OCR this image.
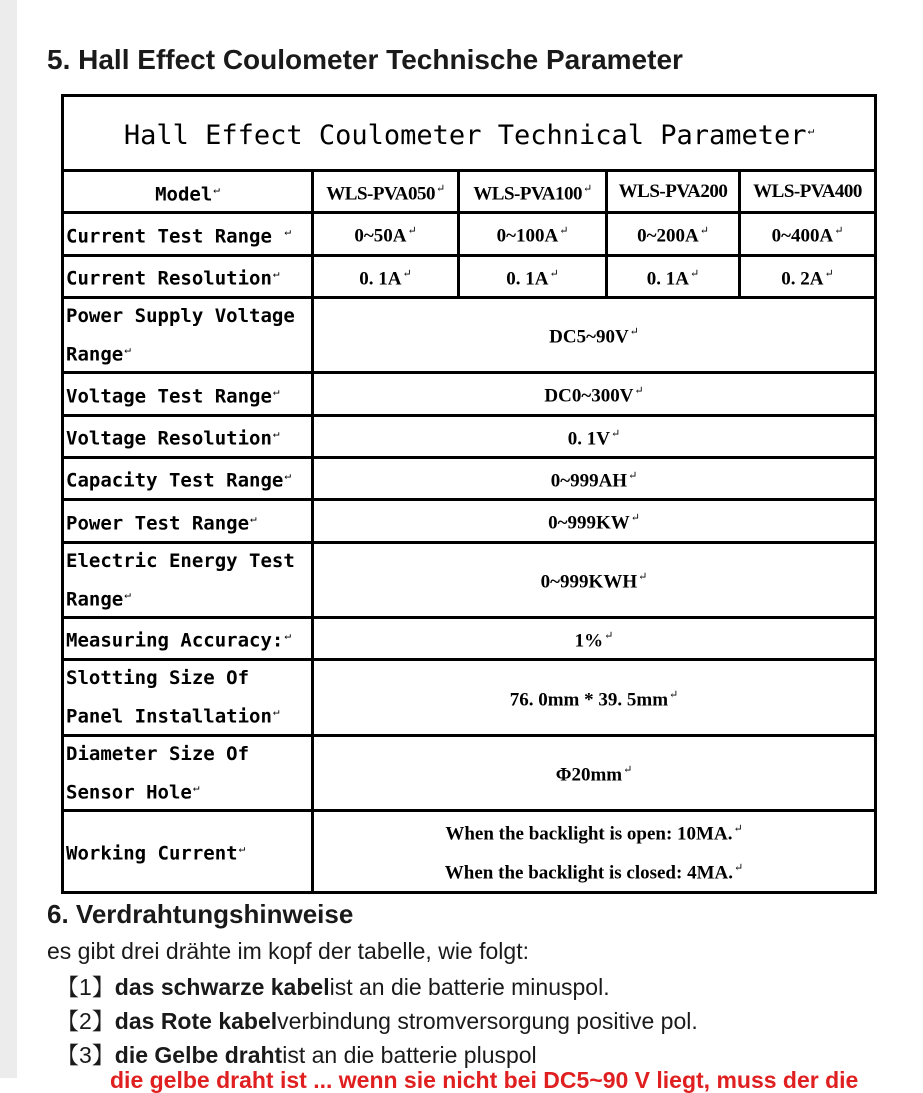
5. Hall Effect Coulometer Technische Parameter
Hall Effect Coulometer Technical Parameter↵
Model↵	WLS-PVA050↵	WLS-PVA100↵	WLS-PVA200	WLS-PVA400
Current Test Range ↵	0~50A↵	0~100A↵	0~200A↵	0~400A↵
Current Resolution↵	0. 1A↵	0. 1A↵	0. 1A↵	0. 2A↵
Power Supply Voltage Range↵	DC5~90V↵
Voltage Test Range↵	DC0~300V↵
Voltage Resolution↵	0. 1V↵
Capacity Test Range↵	0~999AH↵
Power Test Range↵	0~999KW↵
Electric Energy Test Range↵	0~999KWH↵
Measuring Accuracy:↵	1%↵
Slotting Size Of Panel Installation↵	76. 0mm * 39. 5mm↵
Diameter Size Of Sensor Hole↵	Φ20mm↵
Working Current↵	When the backlight is open: 10MA.↵
When the backlight is closed: 4MA.↵
6. Verdrahtungshinweise
es gibt drei drähte im kopf der tabelle, wie folgt:
【1】das schwarze kabelist an die batterie minuspol.
【2】das Rote kabelverbindung stromversorgung positive pol.
【3】die Gelbe drahtist an die batterie pluspol
die gelbe draht ist ... wenn sie nicht bei DC5~90 V liegt, muss der die
